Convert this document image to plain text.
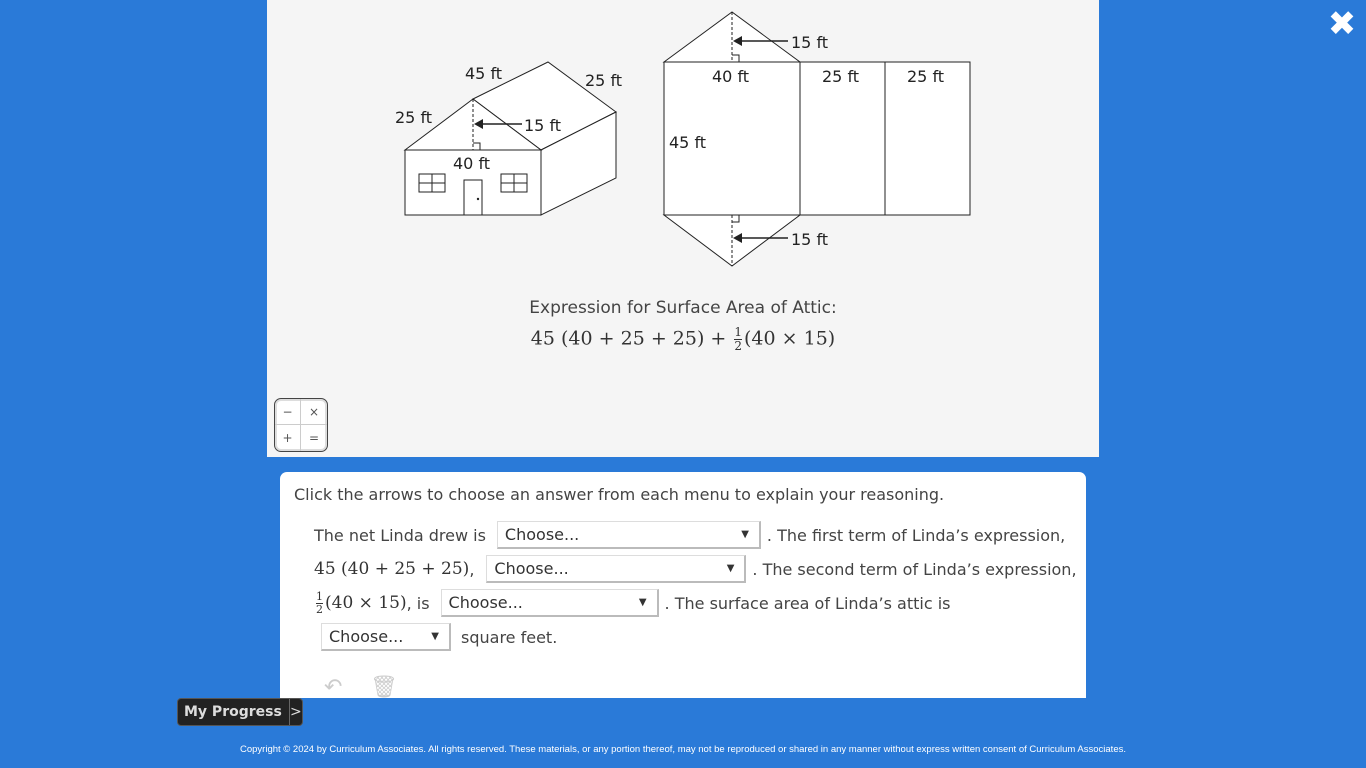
✖
45 ft	25 ft
25 ft	15 ft
40 ft
15 ft
40 ft	25 ft	25 ft
45 ft
15 ft
Expression for Surface Area of Attic:
45 $(40 + 25 + 25) + \frac{1}{2} (40 \times 15)$
−	×
+	=
Click the arrows to choose an answer from each menu to explain your reasoning.
The net Linda drew is Choose...	▼ . The first term of Linda’s expression,
45 (40 + 25 + 25) , Choose...	▼ . The second term of Linda’s expression,
$\frac{1}{2} (40 \times 15)$ , is Choose...	▼ . The surface area of Linda’s attic is
Choose...	▼ square feet.
↶ 🗑
My Progress >
Copyright © 2024 by Curriculum Associates. All rights reserved. These materials, or any portion thereof, may not be reproduced or shared in any manner without express written consent of Curriculum Associates.
